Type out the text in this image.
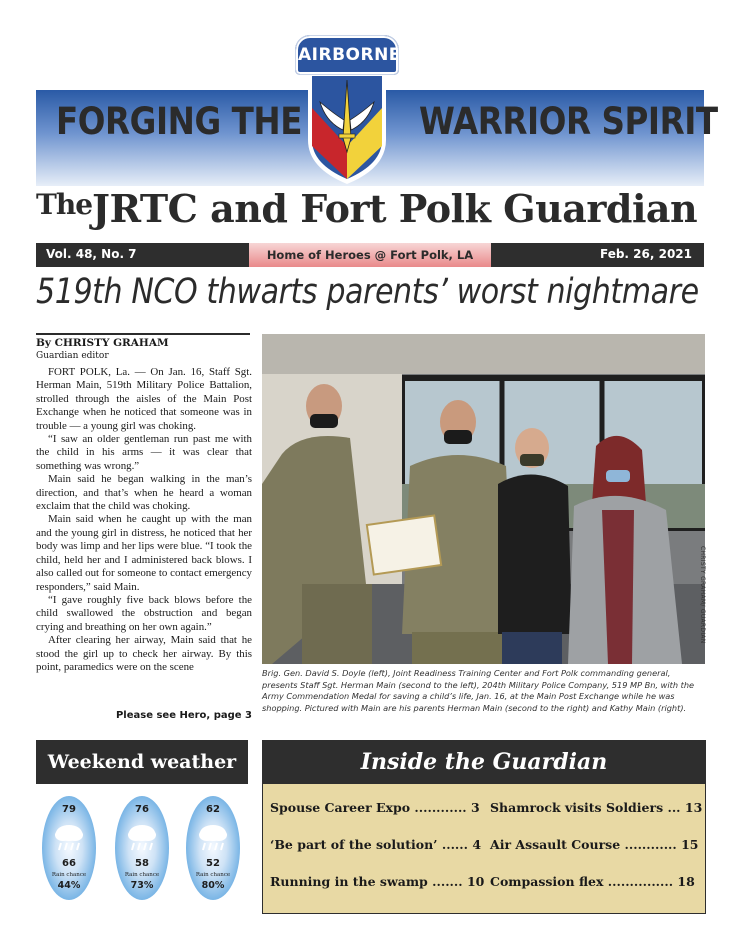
FORGING THE	WARRIOR SPIRIT
AIRBORNE
$^{The}$JRTC and Fort Polk Guardian
Vol. 48, No. 7	Home of Heroes @ Fort Polk, LA	Feb. 26, 2021
519th NCO thwarts parents’ worst nightmare
By CHRISTY GRAHAM
Guardian editor

FORT POLK, La. — On Jan. 16, Staff Sgt. Herman Main, 519th Military Police Battalion, strolled through the aisles of the Main Post Exchange when he noticed that someone was in trouble — a young girl was choking.

“I saw an older gentleman run past me with the child in his arms — it was clear that something was wrong.”

Main said he began walking in the man’s direction, and that’s when he heard a woman exclaim that the child was choking.

Main said when he caught up with the man and the young girl in distress, he noticed that her body was limp and her lips were blue. “I took the child, held her and I administered back blows. I also called out for someone to contact emergency responders,” said Main.

“I gave roughly five back blows before the child swallowed the obstruction and began crying and breathing on her own again.”

After clearing her airway, Main said that he stood the girl up to check her airway. By this point, paramedics were on the scene

Please see Hero, page 3
CHRISTY GRAHAM/ GUARDIAN
Brig. Gen. David S. Doyle (left), Joint Readiness Training Center and Fort Polk commanding general, presents Staff Sgt. Herman Main (second to the left), 204th Military Police Company, 519 MP Bn, with the Army Commendation Medal for saving a child’s life, Jan. 16, at the Main Post Exchange while he was shopping. Pictured with Main are his parents Herman Main (second to the right) and Kathy Main (right).
Weekend weather
79
66
Rain chance
44%
76
58
Rain chance
73%
62
52
Rain chance
80%
Inside the Guardian
Spouse Career Expo ............ 3 Shamrock visits Soldiers ... 13
‘Be part of the solution’ ...... 4 Air Assault Course ............ 15
Running in the swamp ....... 10 Compassion flex ............... 18
